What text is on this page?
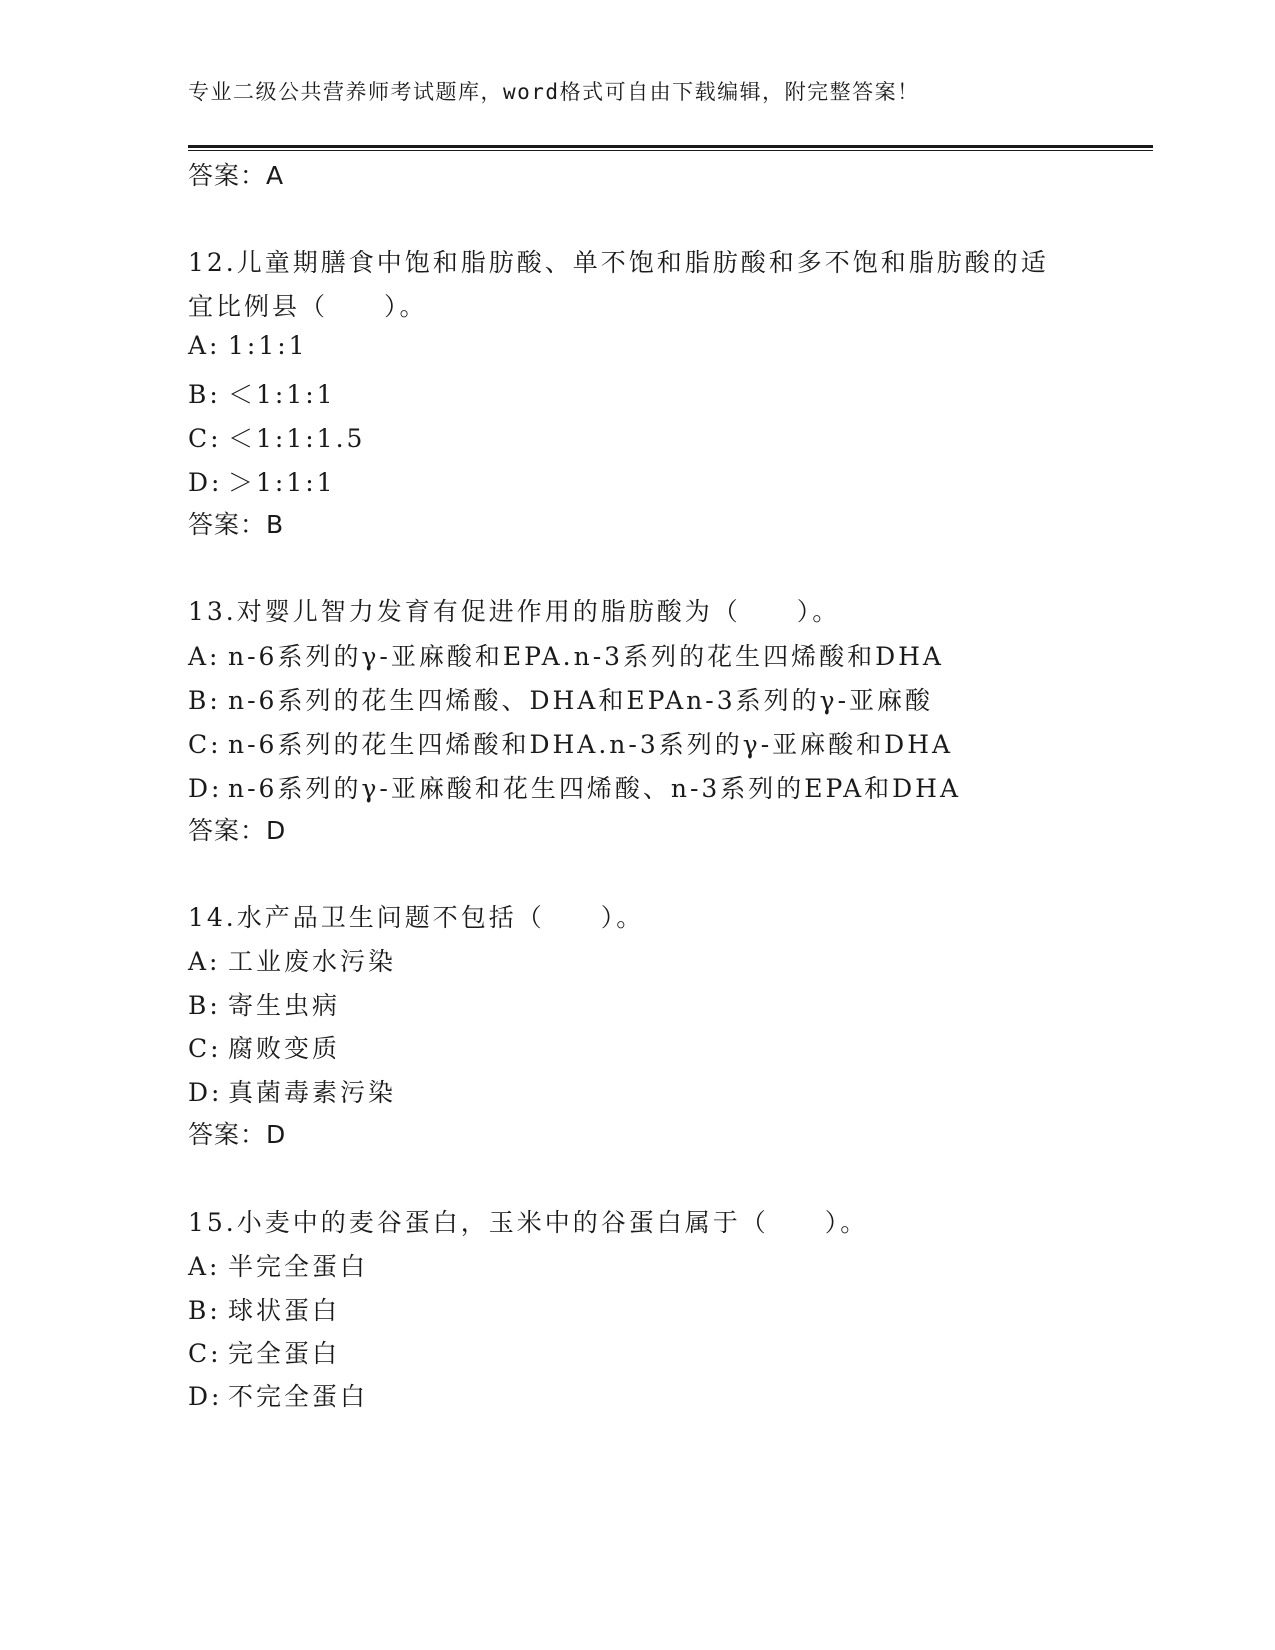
专业二级公共营养师考试题库，word格式可自由下载编辑，附完整答案！
答案：A
12.儿童期膳食中饱和脂肪酸、单不饱和脂肪酸和多不饱和脂肪酸的适
宜比例县（　　）。
A: 1:1:1
B: ＜1:1:1
C: ＜1:1:1.5
D: ＞1:1:1
答案：B
13.对婴儿智力发育有促进作用的脂肪酸为（　　）。
A: n-6系列的γ-亚麻酸和EPA.n-3系列的花生四烯酸和DHA
B: n-6系列的花生四烯酸、DHA和EPAn-3系列的γ-亚麻酸
C: n-6系列的花生四烯酸和DHA.n-3系列的γ-亚麻酸和DHA
D: n-6系列的γ-亚麻酸和花生四烯酸、n-3系列的EPA和DHA
答案：D
14.水产品卫生问题不包括（　　）。
A: 工业废水污染
B: 寄生虫病
C: 腐败变质
D: 真菌毒素污染
答案：D
15.小麦中的麦谷蛋白，玉米中的谷蛋白属于（　　）。
A: 半完全蛋白
B: 球状蛋白
C: 完全蛋白
D: 不完全蛋白
